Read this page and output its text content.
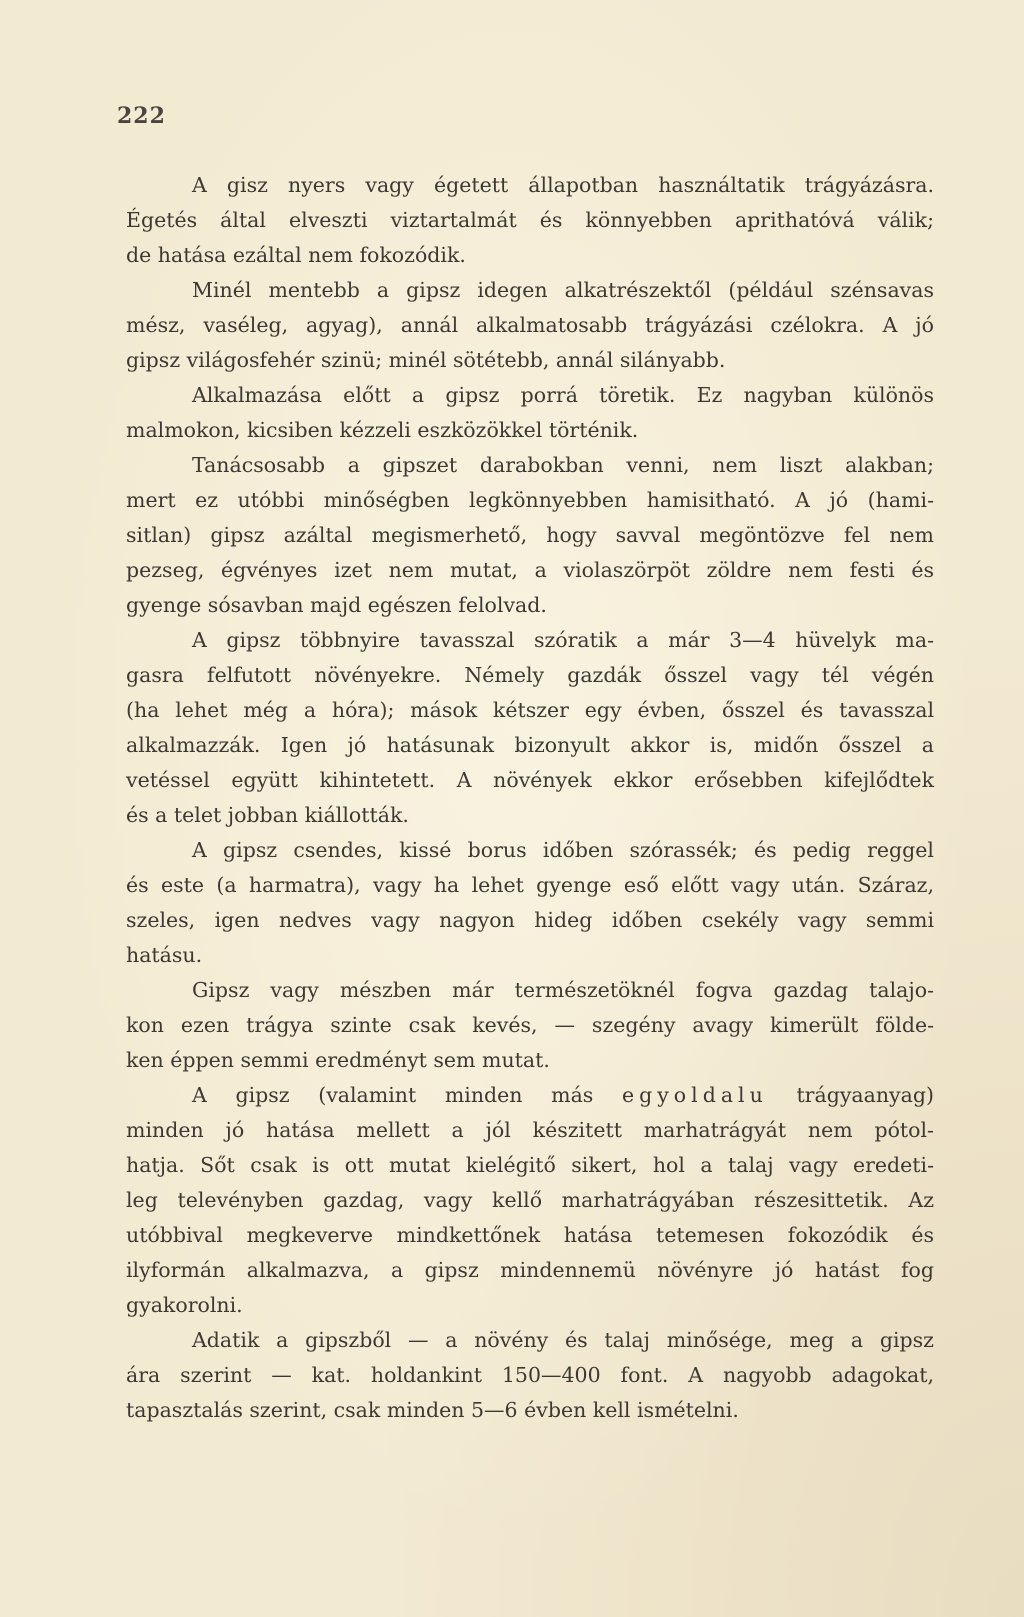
222
A gisz nyers vagy égetett állapotban használtatik trágyázásra.
Égetés által elveszti viztartalmát és könnyebben aprithatóvá válik;
de hatása ezáltal nem fokozódik.
Minél mentebb a gipsz idegen alkatrészektől (például szénsavas
mész, vaséleg, agyag), annál alkalmatosabb trágyázási czélokra. A jó
gipsz világosfehér szinü; minél sötétebb, annál silányabb.
Alkalmazása előtt a gipsz porrá töretik. Ez nagyban különös
malmokon, kicsiben kézzeli eszközökkel történik.
Tanácsosabb a gipszet darabokban venni, nem liszt alakban;
mert ez utóbbi minőségben legkönnyebben hamisitható. A jó (hami-
sitlan) gipsz azáltal megismerhető, hogy savval megöntözve fel nem
pezseg, égvényes izet nem mutat, a violaszörpöt zöldre nem festi és
gyenge sósavban majd egészen felolvad.
A gipsz többnyire tavasszal szóratik a már 3—4 hüvelyk ma-
gasra felfutott növényekre. Némely gazdák ősszel vagy tél végén
(ha lehet még a hóra); mások kétszer egy évben, ősszel és tavasszal
alkalmazzák. Igen jó hatásunak bizonyult akkor is, midőn ősszel a
vetéssel együtt kihintetett. A növények ekkor erősebben kifejlődtek
és a telet jobban kiállották.
A gipsz csendes, kissé borus időben szórassék; és pedig reggel
és este (a harmatra), vagy ha lehet gyenge eső előtt vagy után. Száraz,
szeles, igen nedves vagy nagyon hideg időben csekély vagy semmi
hatásu.
Gipsz vagy mészben már természetöknél fogva gazdag talajo-
kon ezen trágya szinte csak kevés, — szegény avagy kimerült földe-
ken éppen semmi eredményt sem mutat.
A gipsz (valamint minden más egyoldalu trágyaanyag)
minden jó hatása mellett a jól készitett marhatrágyát nem pótol-
hatja. Sőt csak is ott mutat kielégitő sikert, hol a talaj vagy eredeti-
leg televényben gazdag, vagy kellő marhatrágyában részesittetik. Az
utóbbival megkeverve mindkettőnek hatása tetemesen fokozódik és
ilyformán alkalmazva, a gipsz mindennemü növényre jó hatást fog
gyakorolni.
Adatik a gipszből — a növény és talaj minősége, meg a gipsz
ára szerint — kat. holdankint 150—400 font. A nagyobb adagokat,
tapasztalás szerint, csak minden 5—6 évben kell ismételni.
